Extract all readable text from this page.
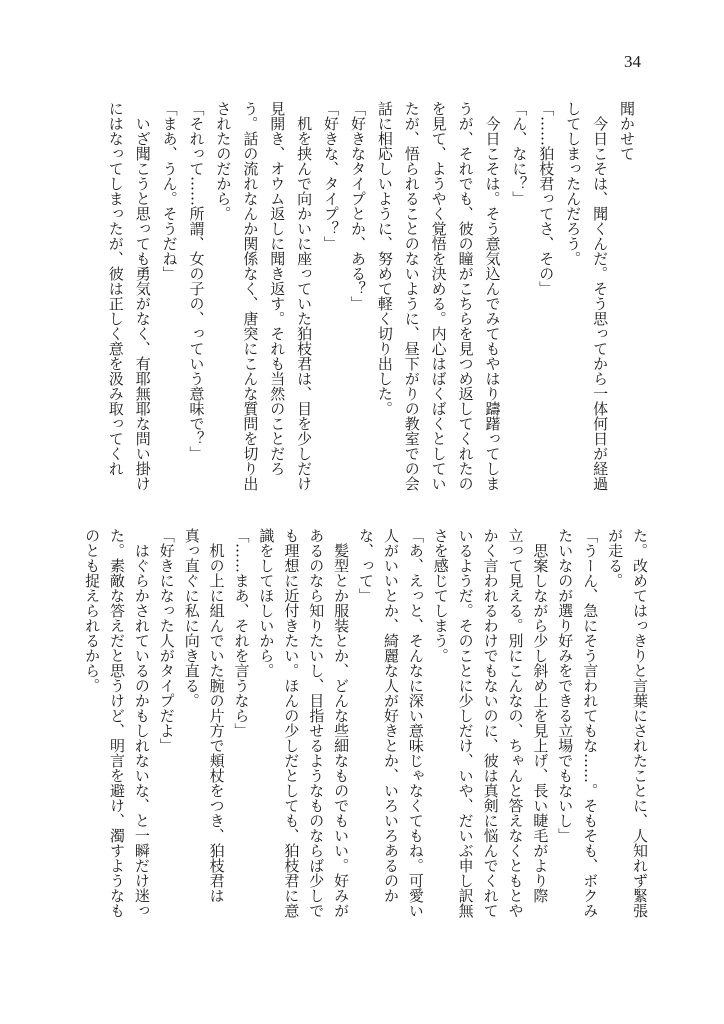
34
聞かせて
　今日こそは、聞くんだ。そう思ってから一体何日が経過
してしまったんだろう。
「……狛枝君ってさ、その」
「ん、なに？」
　今日こそは。そう意気込んでみてもやはり躊躇ってしま
うが、それでも、彼の瞳がこちらを見つめ返してくれたの
を見て、ようやく覚悟を決める。内心はばくばくとしてい
たが、悟られることのないように、昼下がりの教室での会
話に相応しいように、努めて軽く切り出した。
「好きなタイプとか、ある？」
「好きな、タイプ？」
　机を挟んで向かいに座っていた狛枝君は、目を少しだけ
見開き、オウム返しに聞き返す。それも当然のことだろ
う。話の流れなんか関係なく、唐突にこんな質問を切り出
されたのだから。
「それって……所謂、女の子の、っていう意味で？」
「まあ、うん。そうだね」
　いざ聞こうと思っても勇気がなく、有耶無耶な問い掛け
にはなってしまったが、彼は正しく意を汲み取ってくれ
た。改めてはっきりと言葉にされたことに、人知れず緊張
が走る。
「うーん、急にそう言われてもな……。そもそも、ボクみ
たいなのが選り好みをできる立場でもないし」
　思案しながら少し斜め上を見上げ、長い睫毛がより際
立って見える。別にこんなの、ちゃんと答えなくともとや
かく言われるわけでもないのに、彼は真剣に悩んでくれて
いるようだ。そのことに少しだけ、いや、だいぶ申し訳無
さを感じてしまう。
「あ、えっと、そんなに深い意味じゃなくてもね。可愛い
人がいいとか、綺麗な人が好きとか、いろいろあるのか
な、って」
　髪型とか服装とか、どんな些細なものでもいい。好みが
あるのなら知りたいし、目指せるようなものならば少しで
も理想に近付きたい。ほんの少しだとしても、狛枝君に意
識をしてほしいから。
「……まあ、それを言うなら」
　机の上に組んでいた腕の片方で頬杖をつき、狛枝君は
真っ直ぐに私に向き直る。
「好きになった人がタイプだよ」
　はぐらかされているのかもしれないな、と一瞬だけ迷っ
た。素敵な答えだと思うけど、明言を避け、濁すようなも
のとも捉えられるから。
